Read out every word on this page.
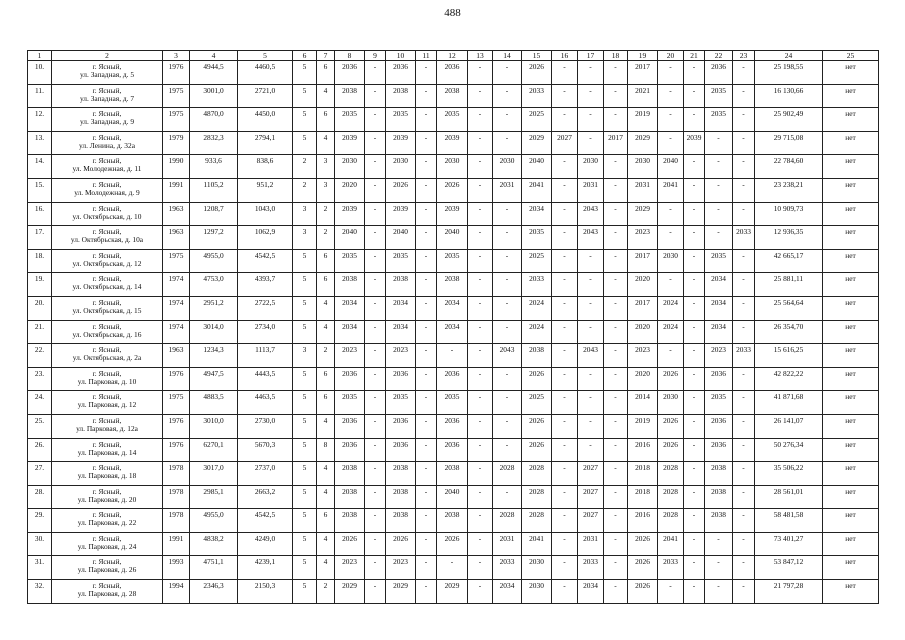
488
1	2	3	4	5	6	7	8	9	10	11	12	13	14	15	16	17	18	19	20	21	22	23	24	25
10.	г. Ясный,
ул. Западная, д. 5	1976	4944,5	4460,5	5	6	2036	-	2036	-	2036	-	-	2026	-	-	-	2017	-	-	2036	-	25 198,55	нет
11.	г. Ясный,
ул. Западная, д. 7	1975	3001,0	2721,0	5	4	2038	-	2038	-	2038	-	-	2033	-	-	-	2021	-	-	2035	-	16 130,66	нет
12.	г. Ясный,
ул. Западная, д. 9	1975	4870,0	4450,0	5	6	2035	-	2035	-	2035	-	-	2025	-	-	-	2019	-	-	2035	-	25 902,49	нет
13.	г. Ясный,
ул. Ленина, д. 32а	1979	2832,3	2794,1	5	4	2039	-	2039	-	2039	-	-	2029	2027	-	2017	2029	-	2039	-	-	29 715,08	нет
14.	г. Ясный,
ул. Молодежная, д. 11	1990	933,6	838,6	2	3	2030	-	2030	-	2030	-	2030	2040	-	2030	-	2030	2040	-	-	-	22 784,60	нет
15.	г. Ясный,
ул. Молодежная, д. 9	1991	1105,2	951,2	2	3	2020	-	2026	-	2026	-	2031	2041	-	2031	-	2031	2041	-	-	-	23 238,21	нет
16.	г. Ясный,
ул. Октябрьская, д. 10	1963	1208,7	1043,0	3	2	2039	-	2039	-	2039	-	-	2034	-	2043	-	2029	-	-	-	-	10 909,73	нет
17.	г. Ясный,
ул. Октябрьская, д. 10а	1963	1297,2	1062,9	3	2	2040	-	2040	-	2040	-	-	2035	-	2043	-	2023	-	-	-	2033	12 936,35	нет
18.	г. Ясный,
ул. Октябрьская, д. 12	1975	4955,0	4542,5	5	6	2035	-	2035	-	2035	-	-	2025	-	-	-	2017	2030	-	2035	-	42 665,17	нет
19.	г. Ясный,
ул. Октябрьская, д. 14	1974	4753,0	4393,7	5	6	2038	-	2038	-	2038	-	-	2033	-	-	-	2020	-	-	2034	-	25 881,11	нет
20.	г. Ясный,
ул. Октябрьская, д. 15	1974	2951,2	2722,5	5	4	2034	-	2034	-	2034	-	-	2024	-	-	-	2017	2024	-	2034	-	25 564,64	нет
21.	г. Ясный,
ул. Октябрьская, д. 16	1974	3014,0	2734,0	5	4	2034	-	2034	-	2034	-	-	2024	-	-	-	2020	2024	-	2034	-	26 354,70	нет
22.	г. Ясный,
ул. Октябрьская, д. 2а	1963	1234,3	1113,7	3	2	2023	-	2023	-	-	-	2043	2038	-	2043	-	2023	-	-	2023	2033	15 616,25	нет
23.	г. Ясный,
ул. Парковая, д. 10	1976	4947,5	4443,5	5	6	2036	-	2036	-	2036	-	-	2026	-	-	-	2020	2026	-	2036	-	42 822,22	нет
24.	г. Ясный,
ул. Парковая, д. 12	1975	4883,5	4463,5	5	6	2035	-	2035	-	2035	-	-	2025	-	-	-	2014	2030	-	2035	-	41 871,68	нет
25.	г. Ясный,
ул. Парковая, д. 12а	1976	3010,0	2730,0	5	4	2036	-	2036	-	2036	-	-	2026	-	-	-	2019	2026	-	2036	-	26 141,07	нет
26.	г. Ясный,
ул. Парковая, д. 14	1976	6270,1	5670,3	5	8	2036	-	2036	-	2036	-	-	2026	-	-	-	2016	2026	-	2036	-	50 276,34	нет
27.	г. Ясный,
ул. Парковая, д. 18	1978	3017,0	2737,0	5	4	2038	-	2038	-	2038	-	2028	2028	-	2027	-	2018	2028	-	2038	-	35 506,22	нет
28.	г. Ясный,
ул. Парковая, д. 20	1978	2985,1	2663,2	5	4	2038	-	2038	-	2040	-	-	2028	-	2027	-	2018	2028	-	2038	-	28 561,01	нет
29.	г. Ясный,
ул. Парковая, д. 22	1978	4955,0	4542,5	5	6	2038	-	2038	-	2038	-	2028	2028	-	2027	-	2016	2028	-	2038	-	58 481,58	нет
30.	г. Ясный,
ул. Парковая, д. 24	1991	4838,2	4249,0	5	4	2026	-	2026	-	2026	-	2031	2041	-	2031	-	2026	2041	-	-	-	73 401,27	нет
31.	г. Ясный,
ул. Парковая, д. 26	1993	4751,1	4239,1	5	4	2023	-	2023	-	-	-	2033	2030	-	2033	-	2026	2033	-	-	-	53 847,12	нет
32.	г. Ясный,
ул. Парковая, д. 28	1994	2346,3	2150,3	5	2	2029	-	2029	-	2029	-	2034	2030	-	2034	-	2026	-	-	-	-	21 797,28	нет
